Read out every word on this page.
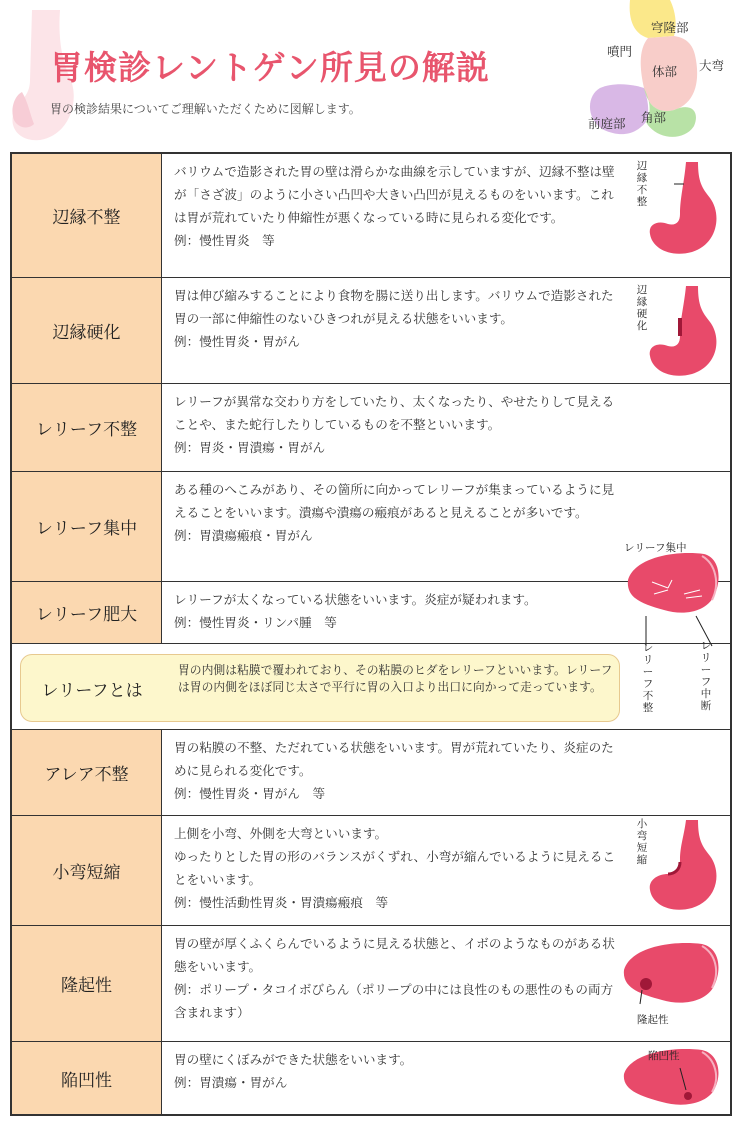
胃検診レントゲン所見の解説
胃の検診結果についてご理解いただくために図解します。
穹隆部
噴門
体部 大弯
前庭部 角部
辺縁不整
バリウムで造影された胃の壁は滑らかな曲線を示していますが、辺縁不整は壁が「さざ波」のように小さい凸凹や大きい凸凹が見えるものをいいます。これは胃が荒れていたり伸縮性が悪くなっている時に見られる変化です。
例：慢性胃炎　等
辺縁硬化
胃は伸び縮みすることにより食物を腸に送り出します。バリウムで造影された胃の一部に伸縮性のないひきつれが見える状態をいいます。
例：慢性胃炎・胃がん
レリーフ不整
レリーフが異常な交わり方をしていたり、太くなったり、やせたりして見えることや、また蛇行したりしているものを不整といいます。
例：胃炎・胃潰瘍・胃がん
レリーフ集中
ある種のへこみがあり、その箇所に向かってレリーフが集まっているように見えることをいいます。潰瘍や潰瘍の瘢痕があると見えることが多いです。
例：胃潰瘍瘢痕・胃がん
レリーフ肥大
レリーフが太くなっている状態をいいます。炎症が疑われます。
例：慢性胃炎・リンパ腫　等
レリーフとは
胃の内側は粘膜で覆われており、その粘膜のヒダをレリーフといいます。レリーフは胃の内側をほぼ同じ太さで平行に胃の入口より出口に向かって走っています。
アレア不整
胃の粘膜の不整、ただれている状態をいいます。胃が荒れていたり、炎症のために見られる変化です。
例：慢性胃炎・胃がん　等
小弯短縮
上側を小弯、外側を大弯といいます。
ゆったりとした胃の形のバランスがくずれ、小弯が縮んでいるように見えることをいいます。
例：慢性活動性胃炎・胃潰瘍瘢痕　等
隆起性
胃の壁が厚くふくらんでいるように見える状態と、イボのようなものがある状態をいいます。
例：ポリープ・タコイボびらん（ポリープの中には良性のもの悪性のもの両方含まれます）
陥凹性
胃の壁にくぼみができた状態をいいます。
例：胃潰瘍・胃がん
辺縁不整
辺縁硬化
レリーフ集中
レリーフ不整
レリーフ中断
小弯短縮
隆起性
陥凹性
